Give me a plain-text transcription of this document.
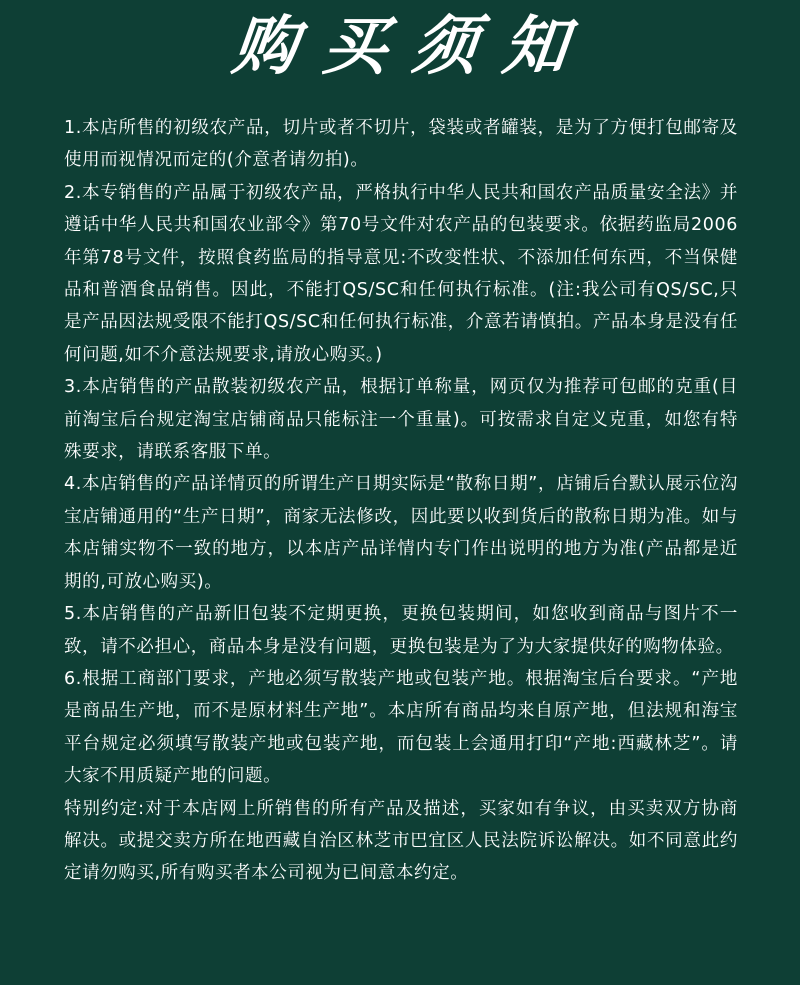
购买须知

1.本店所售的初级农产品，切片或者不切片，袋装或者罐装，是为了方便打包邮寄及使用而视情况而定的(介意者请勿拍)。

2.本专销售的产品属于初级农产品，严格执行中华人民共和国农产品质量安全法》并遵话中华人民共和国农业部令》第70号文件对农产品的包装要求。依据药监局2006年第78号文件，按照食药监局的指导意见:不改变性状、不添加任何东西，不当保健品和普酒食品销售。因此，不能打QS/SC和任何执行标准。(注:我公司有QS/SC,只是产品因法规受限不能打QS/SC和任何执行标准，介意若请慎拍。产品本身是没有任何问题,如不介意法规要求,请放心购买。)

3.本店销售的产品散装初级农产品，根据订单称量，网页仅为推荐可包邮的克重(目前淘宝后台规定淘宝店铺商品只能标注一个重量)。可按需求自定义克重，如您有特殊要求，请联系客服下单。

4.本店销售的产品详情页的所谓生产日期实际是“散称日期”，店铺后台默认展示位沟宝店铺通用的“生产日期”，商家无法修改，因此要以收到货后的散称日期为准。如与本店铺实物不一致的地方，以本店产品详情内专门作出说明的地方为准(产品都是近期的,可放心购买)。

5.本店销售的产品新旧包装不定期更换，更换包装期间，如您收到商品与图片不一致，请不必担心，商品本身是没有问题，更换包装是为了为大家提供好的购物体验。

6.根据工商部门要求，产地必须写散装产地或包装产地。根据淘宝后台要求。“产地是商品生产地，而不是原材料生产地”。本店所有商品均来自原产地，但法规和海宝平台规定必须填写散装产地或包装产地，而包装上会通用打印“产地:西藏林芝”。请大家不用质疑产地的问题。

特别约定:对于本店网上所销售的所有产品及描述，买家如有争议，由买卖双方协商解决。或提交卖方所在地西藏自治区林芝市巴宜区人民法院诉讼解决。如不同意此约定请勿购买,所有购买者本公司视为已间意本约定。
